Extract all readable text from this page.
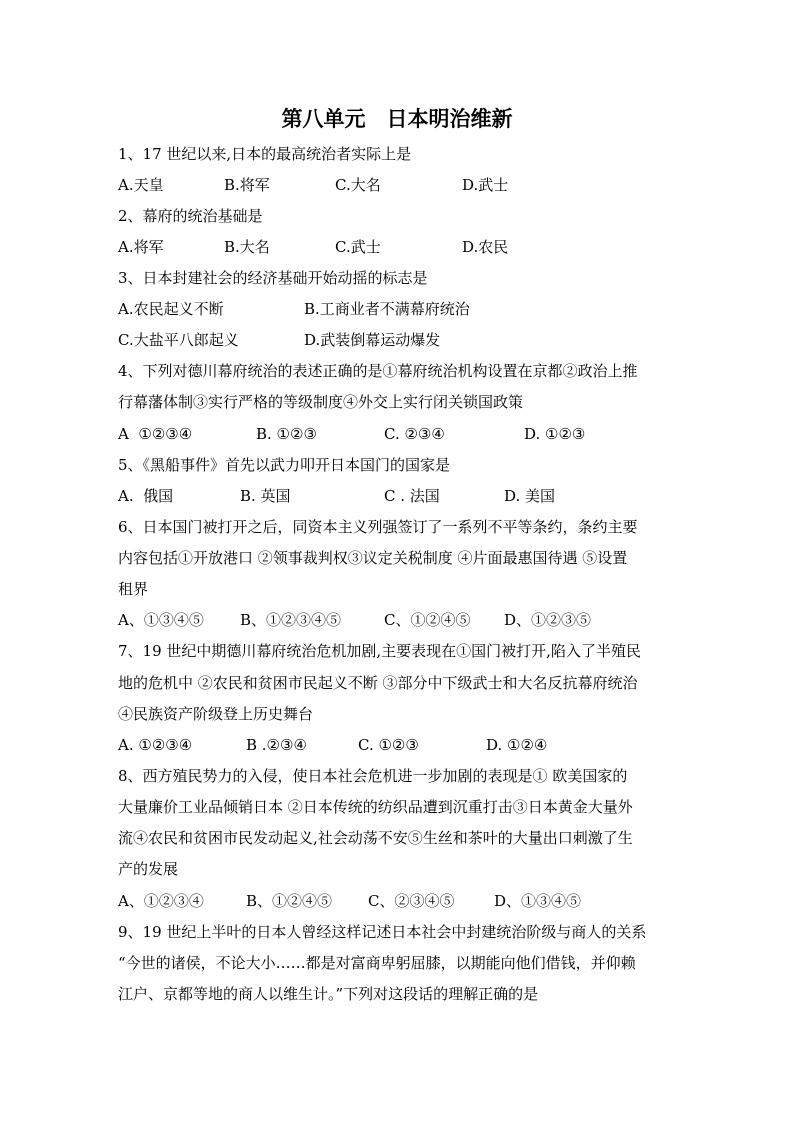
第八单元　日本明治维新
1、17 世纪以来,日本的最高统治者实际上是
A.天皇	B.将军	C.大名	D.武士
2、幕府的统治基础是
A.将军	B.大名	C.武士	D.农民
3、日本封建社会的经济基础开始动摇的标志是
A.农民起义不断	B.工商业者不满幕府统治
C.大盐平八郎起义	D.武装倒幕运动爆发
4、下列对德川幕府统治的表述正确的是①幕府统治机构设置在京都②政治上推
行幕藩体制③实行严格的等级制度④外交上实行闭关锁国政策
A  ①②③④	B. ①②③	C. ②③④	D. ①②③
5、《黑船事件》首先以武力叩开日本国门的国家是
A.  俄国	B. 英国	C . 法国	D. 美国
6、日本国门被打开之后，同资本主义列强签订了一系列不平等条约，条约主要
内容包括①开放港口 ②领事裁判权③议定关税制度 ④片面最惠国待遇 ⑤设置
租界
A、①③④⑤ B、①②③④⑤	C、①②④⑤ D、①②③⑤
7、19 世纪中期德川幕府统治危机加剧,主要表现在①国门被打开,陷入了半殖民
地的危机中 ②农民和贫困市民起义不断 ③部分中下级武士和大名反抗幕府统治
④民族资产阶级登上历史舞台
A. ①②③④	B .②③④	C. ①②③	D. ①②④
8、西方殖民势力的入侵，使日本社会危机进一步加剧的表现是① 欧美国家的
大量廉价工业品倾销日本 ②日本传统的纺织品遭到沉重打击③日本黄金大量外
流④农民和贫困市民发动起义,社会动荡不安⑤生丝和茶叶的大量出口刺激了生
产的发展
A、①②③④	B、①②④⑤ C、②③④⑤	D、①③④⑤
9、19 世纪上半叶的日本人曾经这样记述日本社会中封建统治阶级与商人的关系
“今世的诸侯，不论大小……都是对富商卑躬屈膝，以期能向他们借钱，并仰赖
江户、京都等地的商人以维生计。”下列对这段话的理解正确的是
